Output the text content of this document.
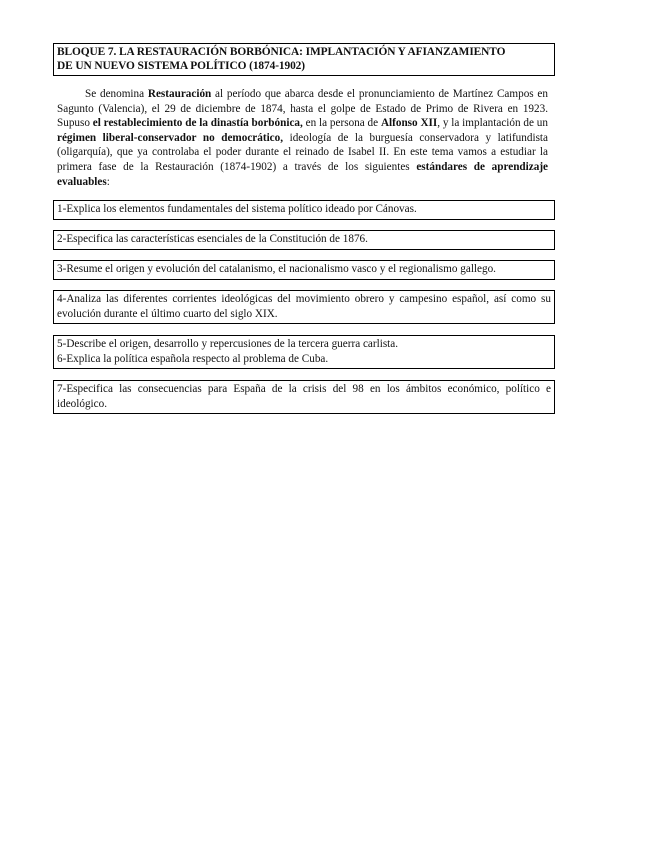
BLOQUE 7. LA RESTAURACIÓN BORBÓNICA: IMPLANTACIÓN Y AFIANZAMIENTO
DE UN NUEVO SISTEMA POLÍTICO (1874-1902)

Se denomina Restauración al período que abarca desde el pronunciamiento de Martínez Campos en Sagunto (Valencia), el 29 de diciembre de 1874, hasta el golpe de Estado de Primo de Rivera en 1923. Supuso el restablecimiento de la dinastía borbónica, en la persona de Alfonso XII, y la implantación de un régimen liberal-conservador no democrático, ideología de la burguesía conservadora y latifundista (oligarquía), que ya controlaba el poder durante el reinado de Isabel II. En este tema vamos a estudiar la primera fase de la Restauración (1874-1902) a través de los siguientes estándares de aprendizaje evaluables:

1-Explica los elementos fundamentales del sistema político ideado por Cánovas.
2-Especifica las características esenciales de la Constitución de 1876.
3-Resume el origen y evolución del catalanismo, el nacionalismo vasco y el regionalismo gallego.
4-Analiza las diferentes corrientes ideológicas del movimiento obrero y campesino español, así como su evolución durante el último cuarto del siglo XIX.
5-Describe el origen, desarrollo y repercusiones de la tercera guerra carlista.
6-Explica la política española respecto al problema de Cuba.
7-Especifica las consecuencias para España de la crisis del 98 en los ámbitos económico, político e ideológico.
